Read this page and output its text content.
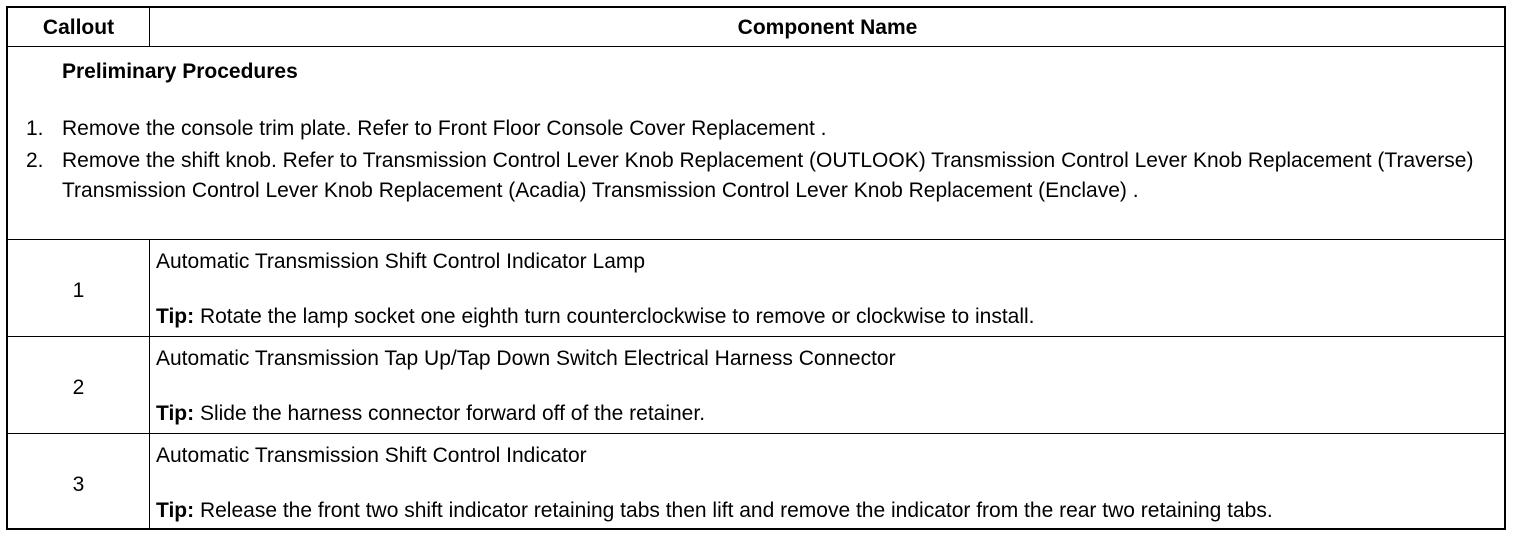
Callout	Component Name
Preliminary Procedures
1. Remove the console trim plate. Refer to Front Floor Console Cover Replacement .
2. Remove the shift knob. Refer to Transmission Control Lever Knob Replacement (OUTLOOK) Transmission Control Lever Knob Replacement (Traverse) Transmission Control Lever Knob Replacement (Acadia) Transmission Control Lever Knob Replacement (Enclave) .
1
Automatic Transmission Shift Control Indicator Lamp
Tip: Rotate the lamp socket one eighth turn counterclockwise to remove or clockwise to install.
2
Automatic Transmission Tap Up/Tap Down Switch Electrical Harness Connector
Tip: Slide the harness connector forward off of the retainer.
3
Automatic Transmission Shift Control Indicator
Tip: Release the front two shift indicator retaining tabs then lift and remove the indicator from the rear two retaining tabs.
